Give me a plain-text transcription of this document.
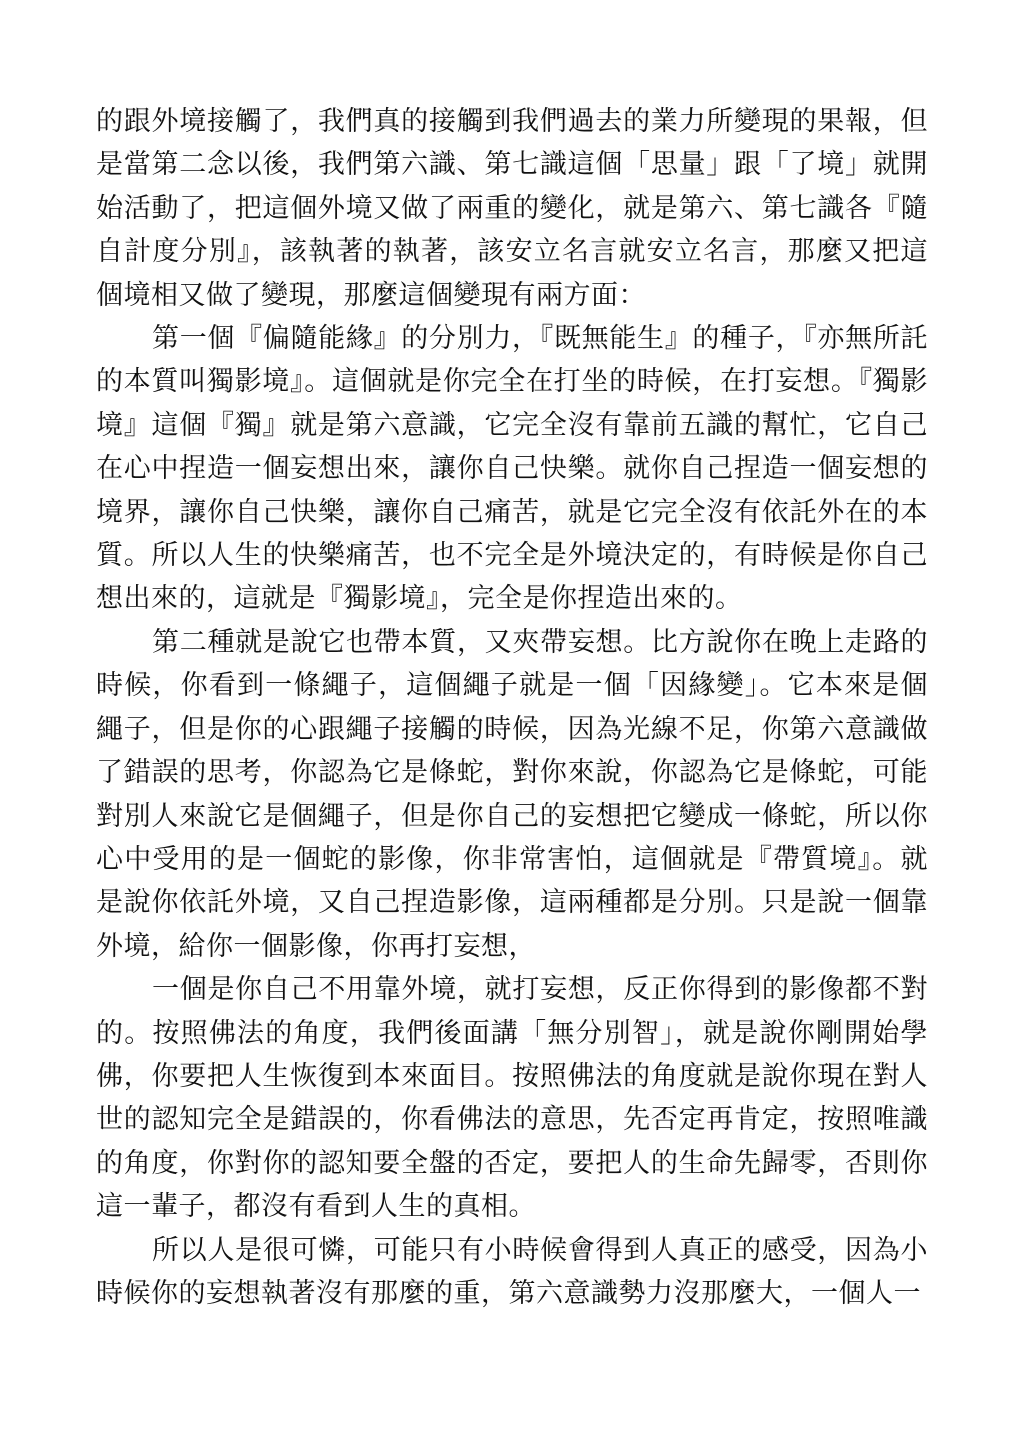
的跟外境接觸了，我們真的接觸到我們過去的業力所變現的果報，但是當第二念以後，我們第六識、第七識這個「思量」跟「了境」就開始活動了，把這個外境又做了兩重的變化，就是第六、第七識各『隨自計度分別』，該執著的執著，該安立名言就安立名言，那麼又把這個境相又做了變現，那麼這個變現有兩方面：

第一個『偏隨能緣』的分別力，『既無能生』的種子，『亦無所託的本質叫獨影境』。這個就是你完全在打坐的時候，在打妄想。『獨影境』這個『獨』就是第六意識，它完全沒有靠前五識的幫忙，它自己在心中捏造一個妄想出來，讓你自己快樂。就你自己捏造一個妄想的境界，讓你自己快樂，讓你自己痛苦，就是它完全沒有依託外在的本質。所以人生的快樂痛苦，也不完全是外境決定的，有時候是你自己想出來的，這就是『獨影境』，完全是你捏造出來的。

第二種就是說它也帶本質，又夾帶妄想。比方說你在晚上走路的時候，你看到一條繩子，這個繩子就是一個「因緣變」。它本來是個繩子，但是你的心跟繩子接觸的時候，因為光線不足，你第六意識做了錯誤的思考，你認為它是條蛇，對你來說，你認為它是條蛇，可能對別人來說它是個繩子，但是你自己的妄想把它變成一條蛇，所以你心中受用的是一個蛇的影像，你非常害怕，這個就是『帶質境』。就是說你依託外境，又自己捏造影像，這兩種都是分別。只是說一個靠外境，給你一個影像，你再打妄想，

一個是你自己不用靠外境，就打妄想，反正你得到的影像都不對的。按照佛法的角度，我們後面講「無分別智」，就是說你剛開始學佛，你要把人生恢復到本來面目。按照佛法的角度就是說你現在對人世的認知完全是錯誤的，你看佛法的意思，先否定再肯定，按照唯識的角度，你對你的認知要全盤的否定，要把人的生命先歸零，否則你這一輩子，都沒有看到人生的真相。

所以人是很可憐，可能只有小時候會得到人真正的感受，因為小時候你的妄想執著沒有那麼的重，第六意識勢力沒那麼大，一個人一
